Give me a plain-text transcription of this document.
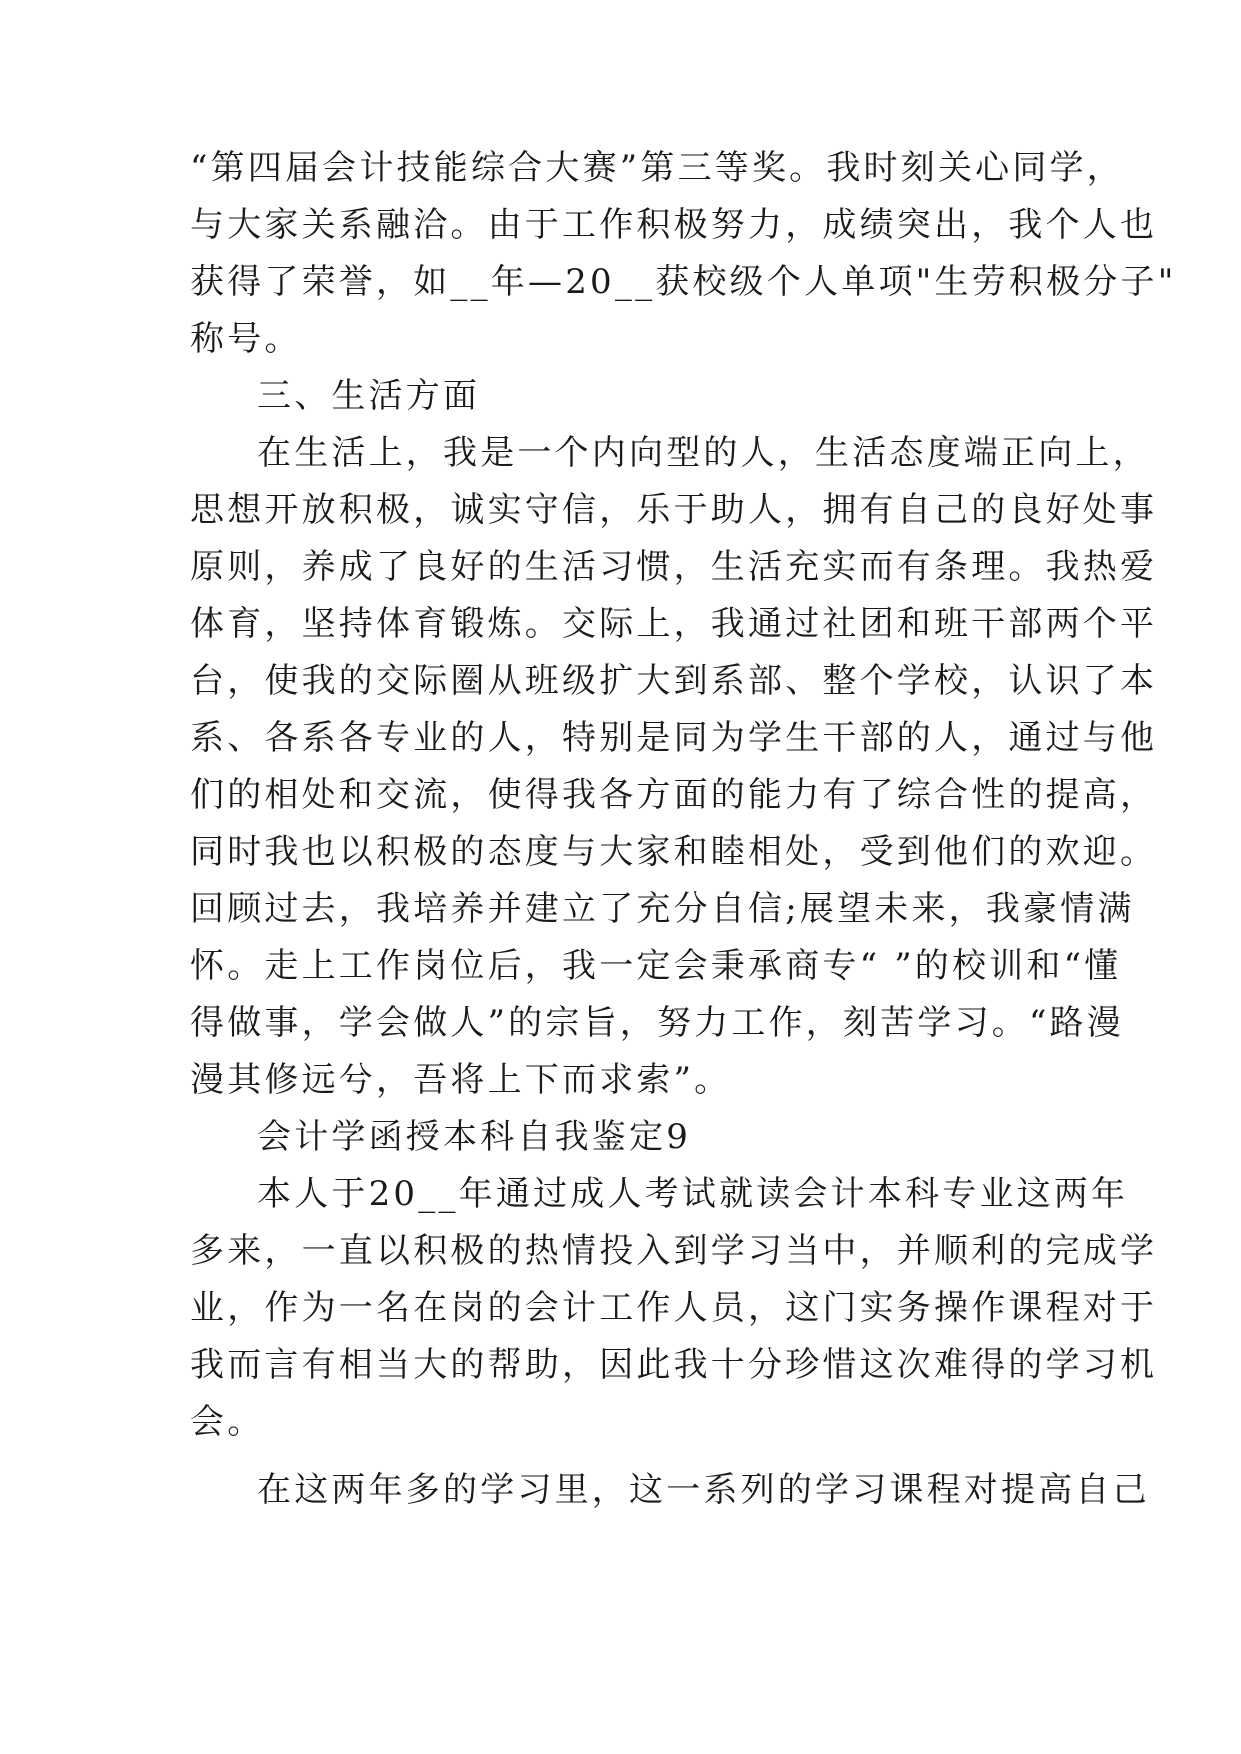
“第四届会计技能综合大赛”第三等奖。我时刻关心同学，
与大家关系融洽。由于工作积极努力，成绩突出，我个人也
获得了荣誉，如__年—20__获校级个人单项"生劳积极分子"
称号。
三、生活方面
在生活上，我是一个内向型的人，生活态度端正向上，
思想开放积极，诚实守信，乐于助人，拥有自己的良好处事
原则，养成了良好的生活习惯，生活充实而有条理。我热爱
体育，坚持体育锻炼。交际上，我通过社团和班干部两个平
台，使我的交际圈从班级扩大到系部、整个学校，认识了本
系、各系各专业的人，特别是同为学生干部的人，通过与他
们的相处和交流，使得我各方面的能力有了综合性的提高，
同时我也以积极的态度与大家和睦相处，受到他们的欢迎。
回顾过去，我培养并建立了充分自信;展望未来，我豪情满
怀。走上工作岗位后，我一定会秉承商专“ ”的校训和“懂
得做事，学会做人”的宗旨，努力工作，刻苦学习。“路漫
漫其修远兮，吾将上下而求索”。
会计学函授本科自我鉴定9
本人于20__年通过成人考试就读会计本科专业这两年
多来，一直以积极的热情投入到学习当中，并顺利的完成学
业，作为一名在岗的会计工作人员，这门实务操作课程对于
我而言有相当大的帮助，因此我十分珍惜这次难得的学习机
会。
在这两年多的学习里，这一系列的学习课程对提高自己
